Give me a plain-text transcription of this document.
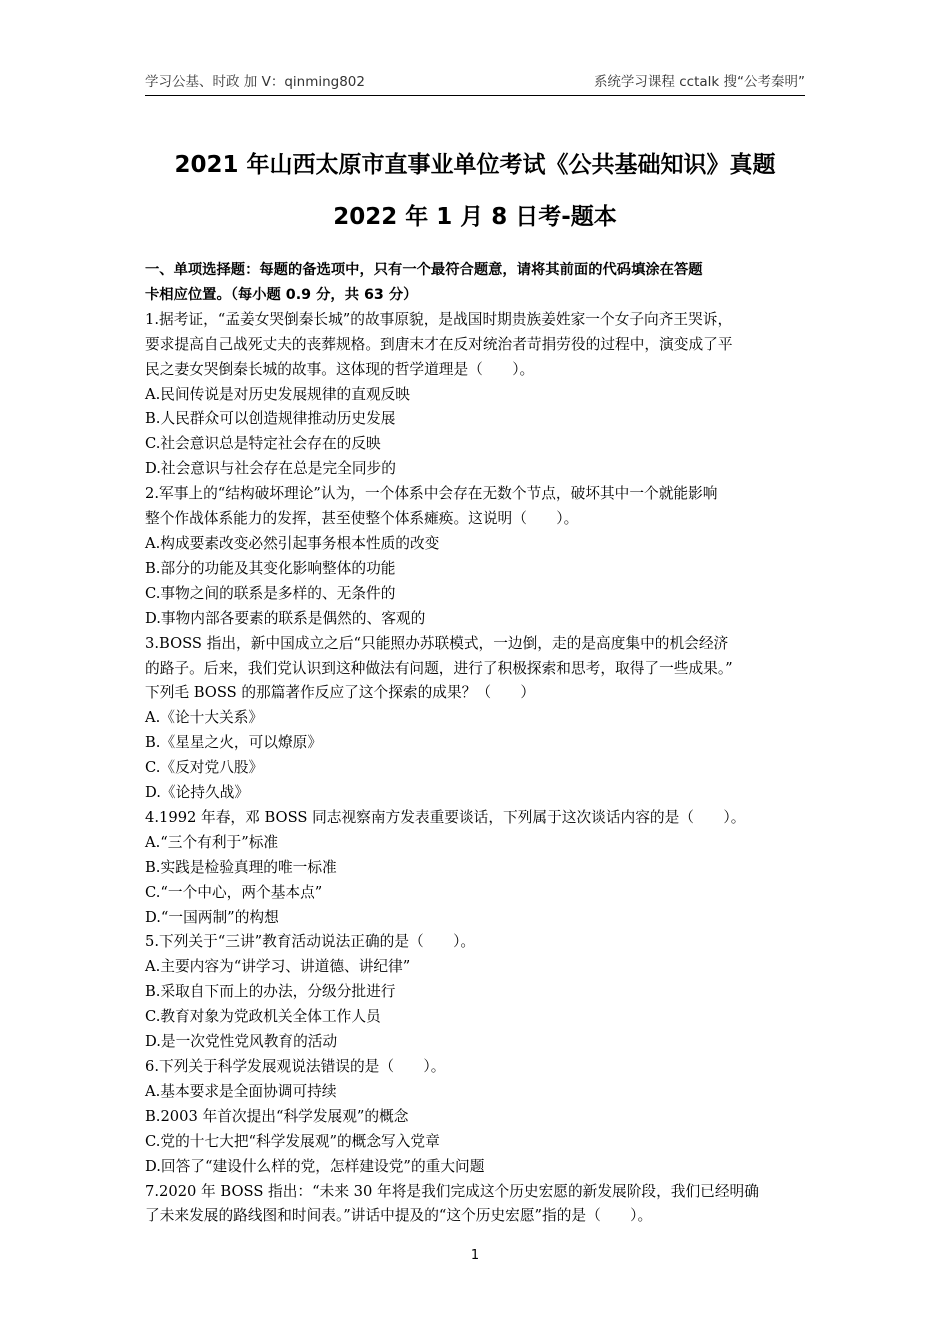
学习公基、时政 加 V：qinming802	系统学习课程 cctalk 搜“公考秦明”
2021 年山西太原市直事业单位考试《公共基础知识》真题
2022 年 1 月 8 日考-题本
一、单项选择题：每题的备选项中，只有一个最符合题意，请将其前面的代码填涂在答题
卡相应位置。（每小题 0.9 分，共 63 分）
1.据考证，“孟姜女哭倒秦长城”的故事原貌，是战国时期贵族姜姓家一个女子向齐王哭诉，
要求提高自己战死丈夫的丧葬规格。到唐末才在反对统治者苛捐劳役的过程中，演变成了平
民之妻女哭倒秦长城的故事。这体现的哲学道理是（　　）。
A.民间传说是对历史发展规律的直观反映
B.人民群众可以创造规律推动历史发展
C.社会意识总是特定社会存在的反映
D.社会意识与社会存在总是完全同步的
2.军事上的“结构破坏理论”认为，一个体系中会存在无数个节点，破坏其中一个就能影响
整个作战体系能力的发挥，甚至使整个体系瘫痪。这说明（　　）。
A.构成要素改变必然引起事务根本性质的改变
B.部分的功能及其变化影响整体的功能
C.事物之间的联系是多样的、无条件的
D.事物内部各要素的联系是偶然的、客观的
3.BOSS 指出，新中国成立之后“只能照办苏联模式，一边倒，走的是高度集中的机会经济
的路子。后来，我们党认识到这种做法有问题，进行了积极探索和思考，取得了一些成果。”
下列毛 BOSS 的那篇著作反应了这个探索的成果？（　　）
A.《论十大关系》
B.《星星之火，可以燎原》
C.《反对党八股》
D.《论持久战》
4.1992 年春，邓 BOSS 同志视察南方发表重要谈话，下列属于这次谈话内容的是（　　）。
A.“三个有利于”标准
B.实践是检验真理的唯一标准
C.“一个中心，两个基本点”
D.“一国两制”的构想
5.下列关于“三讲”教育活动说法正确的是（　　）。
A.主要内容为“讲学习、讲道德、讲纪律”
B.采取自下而上的办法，分级分批进行
C.教育对象为党政机关全体工作人员
D.是一次党性党风教育的活动
6.下列关于科学发展观说法错误的是（　　）。
A.基本要求是全面协调可持续
B.2003 年首次提出“科学发展观”的概念
C.党的十七大把“科学发展观”的概念写入党章
D.回答了“建设什么样的党，怎样建设党”的重大问题
7.2020 年 BOSS 指出：“未来 30 年将是我们完成这个历史宏愿的新发展阶段，我们已经明确
了未来发展的路线图和时间表。”讲话中提及的“这个历史宏愿”指的是（　　）。
1
